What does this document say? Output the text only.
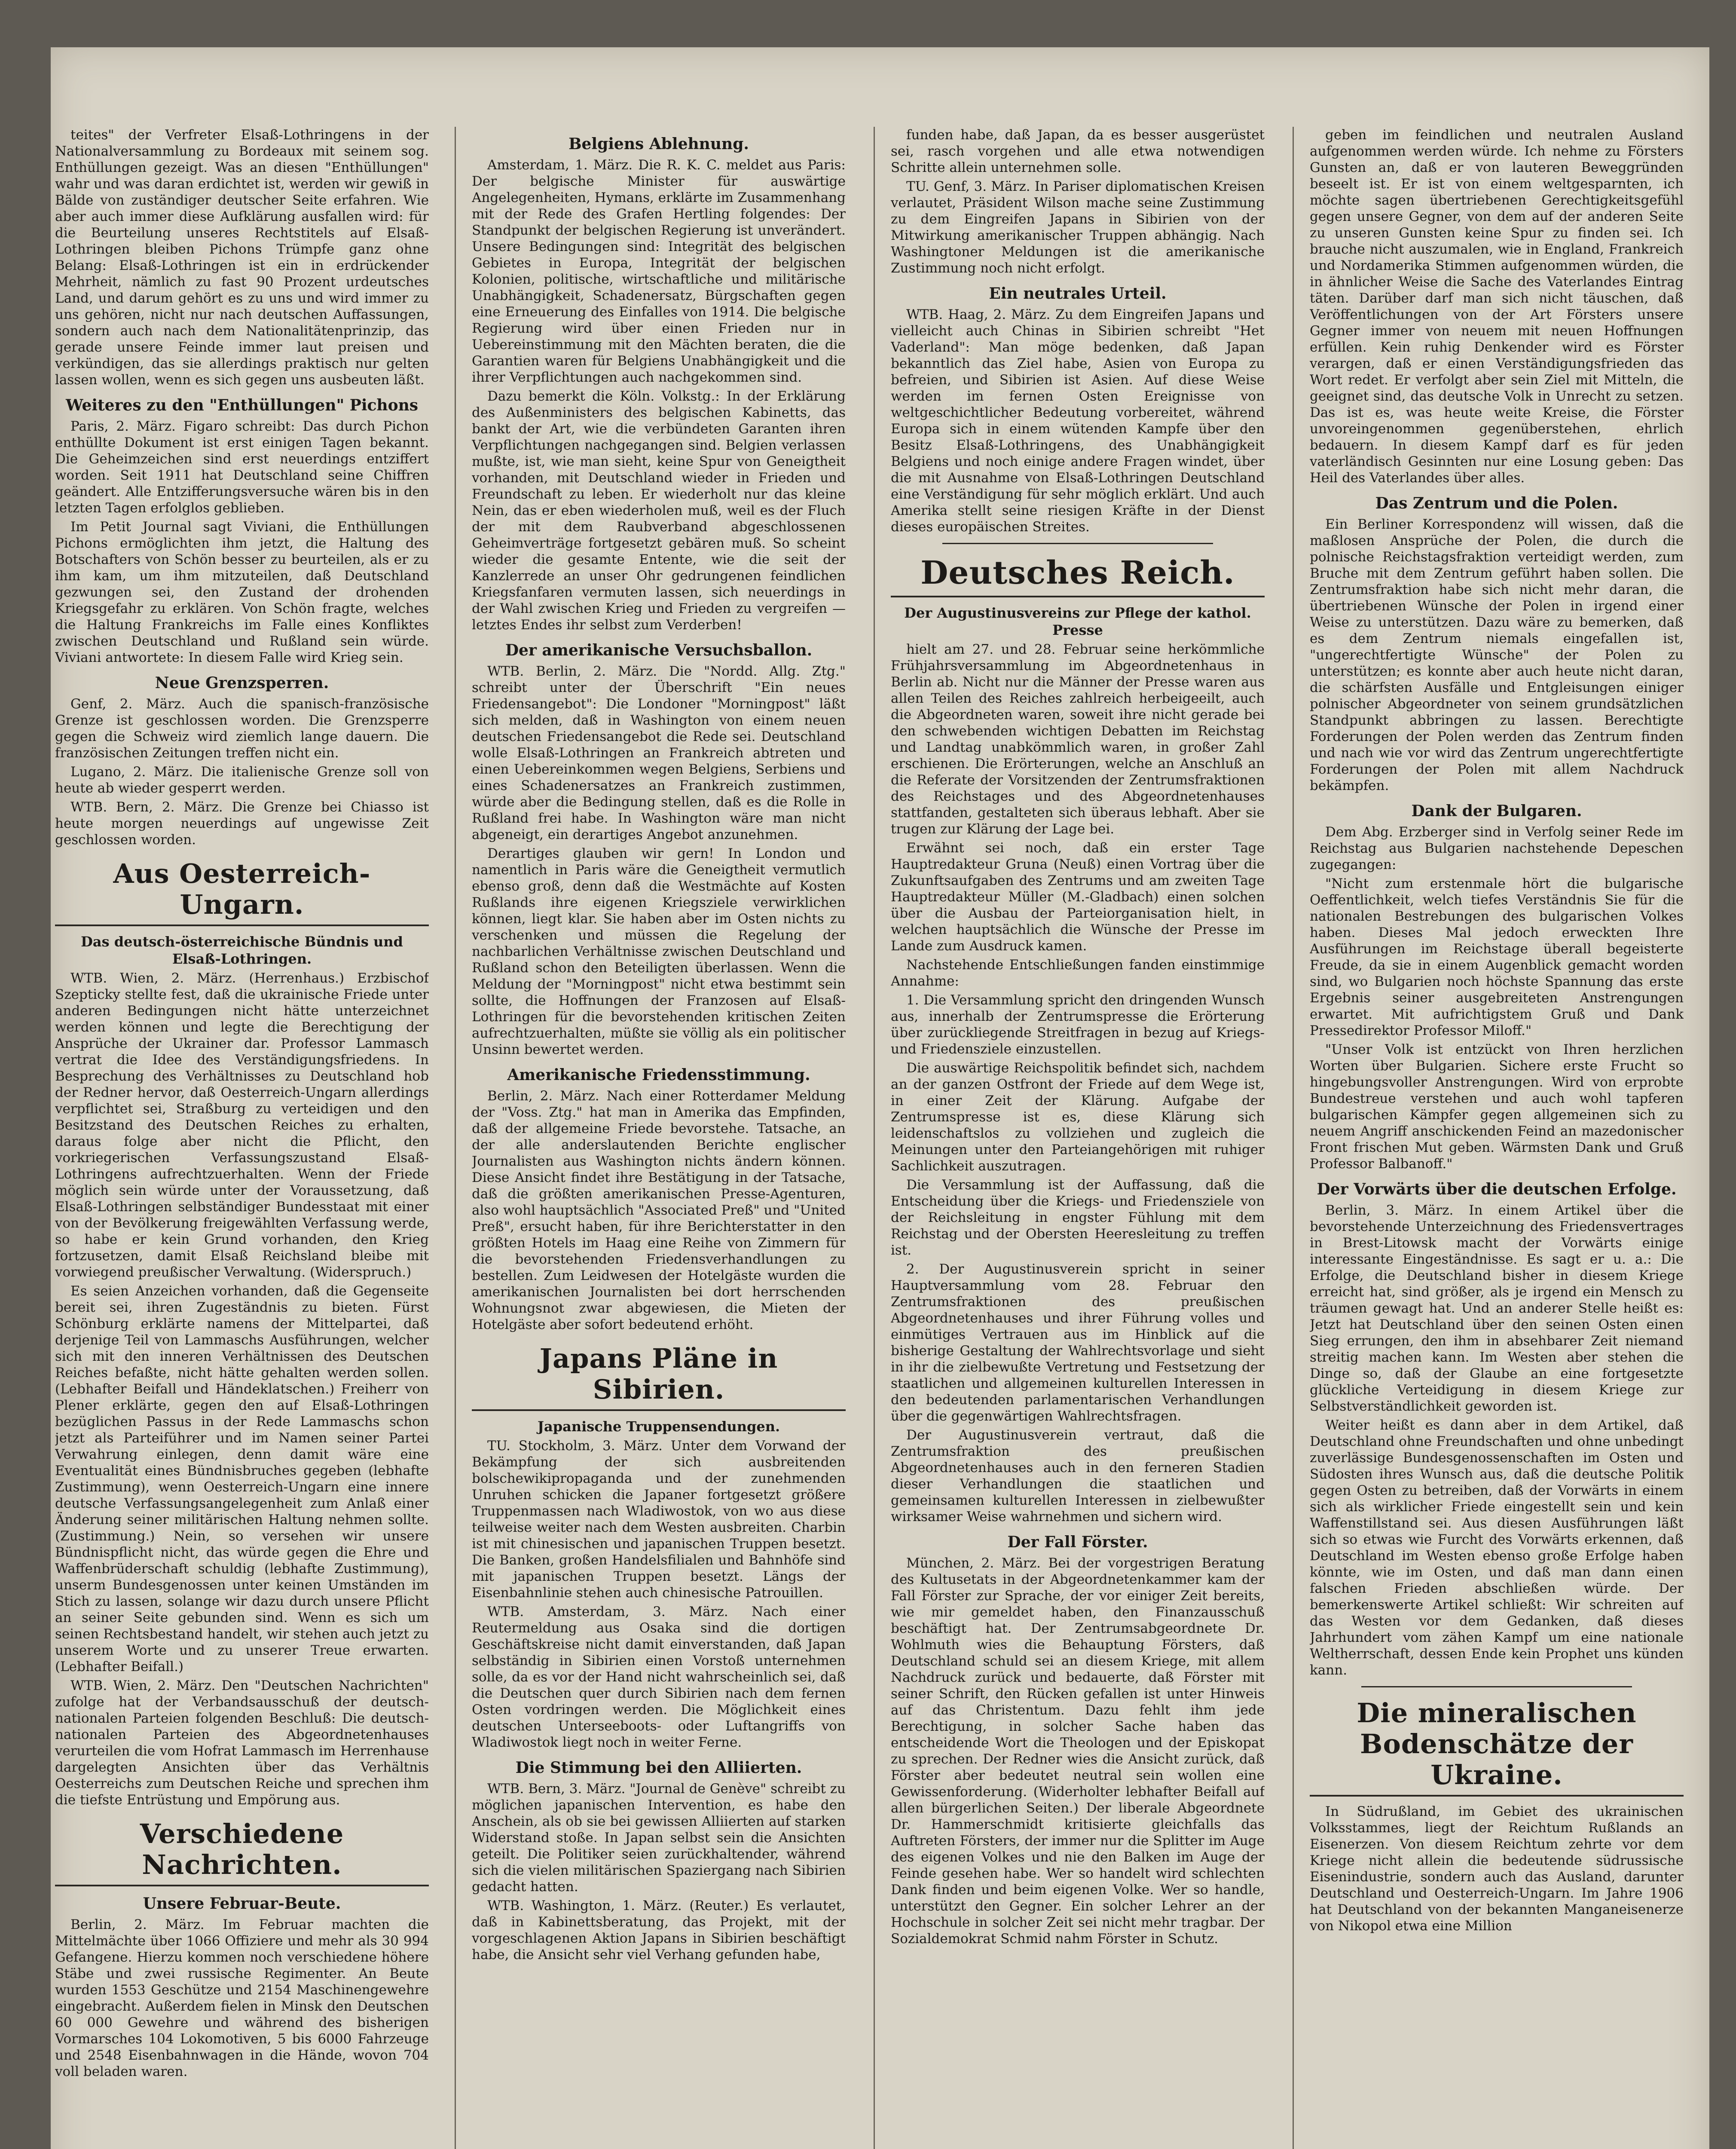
teites" der Verfreter Elsaß-Lothringens in der Nationalversammlung zu Bordeaux mit seinem sog. Enthüllungen gezeigt. Was an diesen "Enthüllungen" wahr und was daran erdichtet ist, werden wir gewiß in Bälde von zuständiger deutscher Seite erfahren. Wie aber auch immer diese Aufklärung ausfallen wird: für die Beurteilung unseres Rechtstitels auf Elsaß-Lothringen bleiben Pichons Trümpfe ganz ohne Belang: Elsaß-Lothringen ist ein in erdrückender Mehrheit, nämlich zu fast 90 Prozent urdeutsches Land, und darum gehört es zu uns und wird immer zu uns gehören, nicht nur nach deutschen Auffassungen, sondern auch nach dem Nationalitätenprinzip, das gerade unsere Feinde immer laut preisen und verkündigen, das sie allerdings praktisch nur gelten lassen wollen, wenn es sich gegen uns ausbeuten läßt.

Weiteres zu den "Enthüllungen" Pichons

Paris, 2. März. Figaro schreibt: Das durch Pichon enthüllte Dokument ist erst einigen Tagen bekannt. Die Geheimzeichen sind erst neuerdings entziffert worden. Seit 1911 hat Deutschland seine Chiffren geändert. Alle Entzifferungsversuche wären bis in den letzten Tagen erfolglos geblieben.

Im Petit Journal sagt Viviani, die Enthüllungen Pichons ermöglichten ihm jetzt, die Haltung des Botschafters von Schön besser zu beurteilen, als er zu ihm kam, um ihm mitzuteilen, daß Deutschland gezwungen sei, den Zustand der drohenden Kriegsgefahr zu erklären. Von Schön fragte, welches die Haltung Frankreichs im Falle eines Konfliktes zwischen Deutschland und Rußland sein würde. Viviani antwortete: In diesem Falle wird Krieg sein.

Neue Grenzsperren.

Genf, 2. März. Auch die spanisch-französische Grenze ist geschlossen worden. Die Grenzsperre gegen die Schweiz wird ziemlich lange dauern. Die französischen Zeitungen treffen nicht ein.

Lugano, 2. März. Die italienische Grenze soll von heute ab wieder gesperrt werden.

WTB. Bern, 2. März. Die Grenze bei Chiasso ist heute morgen neuerdings auf ungewisse Zeit geschlossen worden.

Aus Oesterreich-Ungarn.
Das deutsch-österreichische Bündnis und Elsaß-Lothringen.

WTB. Wien, 2. März. (Herrenhaus.) Erzbischof Szepticky stellte fest, daß die ukrainische Friede unter anderen Bedingungen nicht hätte unterzeichnet werden können und legte die Berechtigung der Ansprüche der Ukrainer dar. Professor Lammasch vertrat die Idee des Verständigungsfriedens. In Besprechung des Verhältnisses zu Deutschland hob der Redner hervor, daß Oesterreich-Ungarn allerdings verpflichtet sei, Straßburg zu verteidigen und den Besitzstand des Deutschen Reiches zu erhalten, daraus folge aber nicht die Pflicht, den vorkriegerischen Verfassungszustand Elsaß-Lothringens aufrechtzuerhalten. Wenn der Friede möglich sein würde unter der Voraussetzung, daß Elsaß-Lothringen selbständiger Bundesstaat mit einer von der Bevölkerung freigewählten Verfassung werde, so habe er kein Grund vorhanden, den Krieg fortzusetzen, damit Elsaß Reichsland bleibe mit vorwiegend preußischer Verwaltung. (Widerspruch.)

Es seien Anzeichen vorhanden, daß die Gegenseite bereit sei, ihren Zugeständnis zu bieten. Fürst Schönburg erklärte namens der Mittelpartei, daß derjenige Teil von Lammaschs Ausführungen, welcher sich mit den inneren Verhältnissen des Deutschen Reiches befaßte, nicht hätte gehalten werden sollen. (Lebhafter Beifall und Händeklatschen.) Freiherr von Plener erklärte, gegen den auf Elsaß-Lothringen bezüglichen Passus in der Rede Lammaschs schon jetzt als Parteiführer und im Namen seiner Partei Verwahrung einlegen, denn damit wäre eine Eventualität eines Bündnisbruches gegeben (lebhafte Zustimmung), wenn Oesterreich-Ungarn eine innere deutsche Verfassungsangelegenheit zum Anlaß einer Änderung seiner militärischen Haltung nehmen sollte. (Zustimmung.) Nein, so versehen wir unsere Bündnispflicht nicht, das würde gegen die Ehre und Waffenbrüderschaft schuldig (lebhafte Zustimmung), unserm Bundesgenossen unter keinen Umständen im Stich zu lassen, solange wir dazu durch unsere Pflicht an seiner Seite gebunden sind. Wenn es sich um seinen Rechtsbestand handelt, wir stehen auch jetzt zu unserem Worte und zu unserer Treue erwarten. (Lebhafter Beifall.)

WTB. Wien, 2. März. Den "Deutschen Nachrichten" zufolge hat der Verbandsausschuß der deutsch-nationalen Parteien folgenden Beschluß: Die deutsch-nationalen Parteien des Abgeordnetenhauses verurteilen die vom Hofrat Lammasch im Herrenhause dargelegten Ansichten über das Verhältnis Oesterreichs zum Deutschen Reiche und sprechen ihm die tiefste Entrüstung und Empörung aus.

Verschiedene Nachrichten.
Unsere Februar-Beute.

Berlin, 2. März. Im Februar machten die Mittelmächte über 1066 Offiziere und mehr als 30 994 Gefangene. Hierzu kommen noch verschiedene höhere Stäbe und zwei russische Regimenter. An Beute wurden 1553 Geschütze und 2154 Maschinengewehre eingebracht. Außerdem fielen in Minsk den Deutschen 60 000 Gewehre und während des bisherigen Vormarsches 104 Lokomotiven, 5 bis 6000 Fahrzeuge und 2548 Eisenbahnwagen in die Hände, wovon 704 voll beladen waren.

Belgiens Ablehnung.

Amsterdam, 1. März. Die R. K. C. meldet aus Paris: Der belgische Minister für auswärtige Angelegenheiten, Hymans, erklärte im Zusammenhang mit der Rede des Grafen Hertling folgendes: Der Standpunkt der belgischen Regierung ist unverändert. Unsere Bedingungen sind: Integrität des belgischen Gebietes in Europa, Integrität der belgischen Kolonien, politische, wirtschaftliche und militärische Unabhängigkeit, Schadenersatz, Bürgschaften gegen eine Erneuerung des Einfalles von 1914. Die belgische Regierung wird über einen Frieden nur in Uebereinstimmung mit den Mächten beraten, die die Garantien waren für Belgiens Unabhängigkeit und die ihrer Verpflichtungen auch nachgekommen sind.

Dazu bemerkt die Köln. Volkstg.: In der Erklärung des Außenministers des belgischen Kabinetts, das bankt der Art, wie die verbündeten Garanten ihren Verpflichtungen nachgegangen sind. Belgien verlassen mußte, ist, wie man sieht, keine Spur von Geneigtheit vorhanden, mit Deutschland wieder in Frieden und Freundschaft zu leben. Er wiederholt nur das kleine Nein, das er eben wiederholen muß, weil es der Fluch der mit dem Raubverband abgeschlossenen Geheimverträge fortgesetzt gebären muß. So scheint wieder die gesamte Entente, wie die seit der Kanzlerrede an unser Ohr gedrungenen feindlichen Kriegsfanfaren vermuten lassen, sich neuerdings in der Wahl zwischen Krieg und Frieden zu vergreifen — letztes Endes ihr selbst zum Verderben!

Der amerikanische Versuchsballon.

WTB. Berlin, 2. März. Die "Nordd. Allg. Ztg." schreibt unter der Überschrift "Ein neues Friedensangebot": Die Londoner "Morningpost" läßt sich melden, daß in Washington von einem neuen deutschen Friedensangebot die Rede sei. Deutschland wolle Elsaß-Lothringen an Frankreich abtreten und einen Uebereinkommen wegen Belgiens, Serbiens und eines Schadenersatzes an Frankreich zustimmen, würde aber die Bedingung stellen, daß es die Rolle in Rußland frei habe. In Washington wäre man nicht abgeneigt, ein derartiges Angebot anzunehmen.

Derartiges glauben wir gern! In London und namentlich in Paris wäre die Geneigtheit vermutlich ebenso groß, denn daß die Westmächte auf Kosten Rußlands ihre eigenen Kriegsziele verwirklichen können, liegt klar. Sie haben aber im Osten nichts zu verschenken und müssen die Regelung der nachbarlichen Verhältnisse zwischen Deutschland und Rußland schon den Beteiligten überlassen. Wenn die Meldung der "Morningpost" nicht etwa bestimmt sein sollte, die Hoffnungen der Franzosen auf Elsaß-Lothringen für die bevorstehenden kritischen Zeiten aufrechtzuerhalten, müßte sie völlig als ein politischer Unsinn bewertet werden.

Amerikanische Friedensstimmung.

Berlin, 2. März. Nach einer Rotterdamer Meldung der "Voss. Ztg." hat man in Amerika das Empfinden, daß der allgemeine Friede bevorstehe. Tatsache, an der alle anderslautenden Berichte englischer Journalisten aus Washington nichts ändern können. Diese Ansicht findet ihre Bestätigung in der Tatsache, daß die größten amerikanischen Presse-Agenturen, also wohl hauptsächlich "Associated Preß" und "United Preß", ersucht haben, für ihre Berichterstatter in den größten Hotels im Haag eine Reihe von Zimmern für die bevorstehenden Friedensverhandlungen zu bestellen. Zum Leidwesen der Hotelgäste wurden die amerikanischen Journalisten bei dort herrschenden Wohnungsnot zwar abgewiesen, die Mieten der Hotelgäste aber sofort bedeutend erhöht.

Japans Pläne in Sibirien.
Japanische Truppensendungen.

TU. Stockholm, 3. März. Unter dem Vorwand der Bekämpfung der sich ausbreitenden bolschewikipropaganda und der zunehmenden Unruhen schicken die Japaner fortgesetzt größere Truppenmassen nach Wladiwostok, von wo aus diese teilweise weiter nach dem Westen ausbreiten. Charbin ist mit chinesischen und japanischen Truppen besetzt. Die Banken, großen Handelsfilialen und Bahnhöfe sind mit japanischen Truppen besetzt. Längs der Eisenbahnlinie stehen auch chinesische Patrouillen.

WTB. Amsterdam, 3. März. Nach einer Reutermeldung aus Osaka sind die dortigen Geschäftskreise nicht damit einverstanden, daß Japan selbständig in Sibirien einen Vorstoß unternehmen solle, da es vor der Hand nicht wahrscheinlich sei, daß die Deutschen quer durch Sibirien nach dem fernen Osten vordringen werden. Die Möglichkeit eines deutschen Unterseeboots- oder Luftangriffs von Wladiwostok liegt noch in weiter Ferne.

Die Stimmung bei den Alliierten.

WTB. Bern, 3. März. "Journal de Genève" schreibt zu möglichen japanischen Intervention, es habe den Anschein, als ob sie bei gewissen Alliierten auf starken Widerstand stoße. In Japan selbst sein die Ansichten geteilt. Die Politiker seien zurückhaltender, während sich die vielen militärischen Spaziergang nach Sibirien gedacht hatten.

WTB. Washington, 1. März. (Reuter.) Es verlautet, daß in Kabinettsberatung, das Projekt, mit der vorgeschlagenen Aktion Japans in Sibirien beschäftigt habe, die Ansicht sehr viel Verhang gefunden habe,

funden habe, daß Japan, da es besser ausgerüstet sei, rasch vorgehen und alle etwa notwendigen Schritte allein unternehmen solle.

TU. Genf, 3. März. In Pariser diplomatischen Kreisen verlautet, Präsident Wilson mache seine Zustimmung zu dem Eingreifen Japans in Sibirien von der Mitwirkung amerikanischer Truppen abhängig. Nach Washingtoner Meldungen ist die amerikanische Zustimmung noch nicht erfolgt.

Ein neutrales Urteil.

WTB. Haag, 2. März. Zu dem Eingreifen Japans und vielleicht auch Chinas in Sibirien schreibt "Het Vaderland": Man möge bedenken, daß Japan bekanntlich das Ziel habe, Asien von Europa zu befreien, und Sibirien ist Asien. Auf diese Weise werden im fernen Osten Ereignisse von weltgeschichtlicher Bedeutung vorbereitet, während Europa sich in einem wütenden Kampfe über den Besitz Elsaß-Lothringens, des Unabhängigkeit Belgiens und noch einige andere Fragen windet, über die mit Ausnahme von Elsaß-Lothringen Deutschland eine Verständigung für sehr möglich erklärt. Und auch Amerika stellt seine riesigen Kräfte in der Dienst dieses europäischen Streites.

Deutsches Reich.
Der Augustinusvereins zur Pflege der kathol. Presse

hielt am 27. und 28. Februar seine herkömmliche Frühjahrsversammlung im Abgeordnetenhaus in Berlin ab. Nicht nur die Männer der Presse waren aus allen Teilen des Reiches zahlreich herbeigeeilt, auch die Abgeordneten waren, soweit ihre nicht gerade bei den schwebenden wichtigen Debatten im Reichstag und Landtag unabkömmlich waren, in großer Zahl erschienen. Die Erörterungen, welche an Anschluß an die Referate der Vorsitzenden der Zentrumsfraktionen des Reichstages und des Abgeordnetenhauses stattfanden, gestalteten sich überaus lebhaft. Aber sie trugen zur Klärung der Lage bei.

Erwähnt sei noch, daß ein erster Tage Hauptredakteur Gruna (Neuß) einen Vortrag über die Zukunftsaufgaben des Zentrums und am zweiten Tage Hauptredakteur Müller (M.-Gladbach) einen solchen über die Ausbau der Parteiorganisation hielt, in welchen hauptsächlich die Wünsche der Presse im Lande zum Ausdruck kamen.

Nachstehende Entschließungen fanden einstimmige Annahme:

1. Die Versammlung spricht den dringenden Wunsch aus, innerhalb der Zentrumspresse die Erörterung über zurückliegende Streitfragen in bezug auf Kriegs- und Friedensziele einzustellen.

Die auswärtige Reichspolitik befindet sich, nachdem an der ganzen Ostfront der Friede auf dem Wege ist, in einer Zeit der Klärung. Aufgabe der Zentrumspresse ist es, diese Klärung sich leidenschaftslos zu vollziehen und zugleich die Meinungen unter den Parteiangehörigen mit ruhiger Sachlichkeit auszutragen.

Die Versammlung ist der Auffassung, daß die Entscheidung über die Kriegs- und Friedensziele von der Reichsleitung in engster Fühlung mit dem Reichstag und der Obersten Heeresleitung zu treffen ist.

2. Der Augustinusverein spricht in seiner Hauptversammlung vom 28. Februar den Zentrumsfraktionen des preußischen Abgeordnetenhauses und ihrer Führung volles und einmütiges Vertrauen aus im Hinblick auf die bisherige Gestaltung der Wahlrechtsvorlage und sieht in ihr die zielbewußte Vertretung und Festsetzung der staatlichen und allgemeinen kulturellen Interessen in den bedeutenden parlamentarischen Verhandlungen über die gegenwärtigen Wahlrechtsfragen.

Der Augustinusverein vertraut, daß die Zentrumsfraktion des preußischen Abgeordnetenhauses auch in den ferneren Stadien dieser Verhandlungen die staatlichen und gemeinsamen kulturellen Interessen in zielbewußter wirksamer Weise wahrnehmen und sichern wird.

Der Fall Förster.

München, 2. März. Bei der vorgestrigen Beratung des Kultusetats in der Abgeordnetenkammer kam der Fall Förster zur Sprache, der vor einiger Zeit bereits, wie mir gemeldet haben, den Finanzausschuß beschäftigt hat. Der Zentrumsabgeordnete Dr. Wohlmuth wies die Behauptung Försters, daß Deutschland schuld sei an diesem Kriege, mit allem Nachdruck zurück und bedauerte, daß Förster mit seiner Schrift, den Rücken gefallen ist unter Hinweis auf das Christentum. Dazu fehlt ihm jede Berechtigung, in solcher Sache haben das entscheidende Wort die Theologen und der Episkopat zu sprechen. Der Redner wies die Ansicht zurück, daß Förster aber bedeutet neutral sein wollen eine Gewissenforderung. (Widerholter lebhafter Beifall auf allen bürgerlichen Seiten.) Der liberale Abgeordnete Dr. Hammerschmidt kritisierte gleichfalls das Auftreten Försters, der immer nur die Splitter im Auge des eigenen Volkes und nie den Balken im Auge der Feinde gesehen habe. Wer so handelt wird schlechten Dank finden und beim eigenen Volke. Wer so handle, unterstützt den Gegner. Ein solcher Lehrer an der Hochschule in solcher Zeit sei nicht mehr tragbar. Der Sozialdemokrat Schmid nahm Förster in Schutz.

geben im feindlichen und neutralen Ausland aufgenommen werden würde. Ich nehme zu Försters Gunsten an, daß er von lauteren Beweggründen beseelt ist. Er ist von einem weltgesparnten, ich möchte sagen übertriebenen Gerechtigkeitsgefühl gegen unsere Gegner, von dem auf der anderen Seite zu unseren Gunsten keine Spur zu finden sei. Ich brauche nicht auszumalen, wie in England, Frankreich und Nordamerika Stimmen aufgenommen würden, die in ähnlicher Weise die Sache des Vaterlandes Eintrag täten. Darüber darf man sich nicht täuschen, daß Veröffentlichungen von der Art Försters unsere Gegner immer von neuem mit neuen Hoffnungen erfüllen. Kein ruhig Denkender wird es Förster verargen, daß er einen Verständigungsfrieden das Wort redet. Er verfolgt aber sein Ziel mit Mitteln, die geeignet sind, das deutsche Volk in Unrecht zu setzen. Das ist es, was heute weite Kreise, die Förster unvoreingenommen gegenüberstehen, ehrlich bedauern. In diesem Kampf darf es für jeden vaterländisch Gesinnten nur eine Losung geben: Das Heil des Vaterlandes über alles.

Das Zentrum und die Polen.

Ein Berliner Korrespondenz will wissen, daß die maßlosen Ansprüche der Polen, die durch die polnische Reichstagsfraktion verteidigt werden, zum Bruche mit dem Zentrum geführt haben sollen. Die Zentrumsfraktion habe sich nicht mehr daran, die übertriebenen Wünsche der Polen in irgend einer Weise zu unterstützen. Dazu wäre zu bemerken, daß es dem Zentrum niemals eingefallen ist, "ungerechtfertigte Wünsche" der Polen zu unterstützen; es konnte aber auch heute nicht daran, die schärfsten Ausfälle und Entgleisungen einiger polnischer Abgeordneter von seinem grundsätzlichen Standpunkt abbringen zu lassen. Berechtigte Forderungen der Polen werden das Zentrum finden und nach wie vor wird das Zentrum ungerechtfertigte Forderungen der Polen mit allem Nachdruck bekämpfen.

Dank der Bulgaren.

Dem Abg. Erzberger sind in Verfolg seiner Rede im Reichstag aus Bulgarien nachstehende Depeschen zugegangen:

"Nicht zum erstenmale hört die bulgarische Oeffentlichkeit, welch tiefes Verständnis Sie für die nationalen Bestrebungen des bulgarischen Volkes haben. Dieses Mal jedoch erweckten Ihre Ausführungen im Reichstage überall begeisterte Freude, da sie in einem Augenblick gemacht worden sind, wo Bulgarien noch höchste Spannung das erste Ergebnis seiner ausgebreiteten Anstrengungen erwartet. Mit aufrichtigstem Gruß und Dank Pressedirektor Professor Miloff."

"Unser Volk ist entzückt von Ihren herzlichen Worten über Bulgarien. Sichere erste Frucht so hingebungsvoller Anstrengungen. Wird von erprobte Bundestreue verstehen und auch wohl tapferen bulgarischen Kämpfer gegen allgemeinen sich zu neuem Angriff anschickenden Feind an mazedonischer Front frischen Mut geben. Wärmsten Dank und Gruß Professor Balbanoff."

Der Vorwärts über die deutschen Erfolge.

Berlin, 3. März. In einem Artikel über die bevorstehende Unterzeichnung des Friedensvertrages in Brest-Litowsk macht der Vorwärts einige interessante Eingeständnisse. Es sagt er u. a.: Die Erfolge, die Deutschland bisher in diesem Kriege erreicht hat, sind größer, als je irgend ein Mensch zu träumen gewagt hat. Und an anderer Stelle heißt es: Jetzt hat Deutschland über den seinen Osten einen Sieg errungen, den ihm in absehbarer Zeit niemand streitig machen kann. Im Westen aber stehen die Dinge so, daß der Glaube an eine fortgesetzte glückliche Verteidigung in diesem Kriege zur Selbstverständlichkeit geworden ist.

Weiter heißt es dann aber in dem Artikel, daß Deutschland ohne Freundschaften und ohne unbedingt zuverlässige Bundesgenossenschaften im Osten und Südosten ihres Wunsch aus, daß die deutsche Politik gegen Osten zu betreiben, daß der Vorwärts in einem sich als wirklicher Friede eingestellt sein und kein Waffenstillstand sei. Aus diesen Ausführungen läßt sich so etwas wie Furcht des Vorwärts erkennen, daß Deutschland im Westen ebenso große Erfolge haben könnte, wie im Osten, und daß man dann einen falschen Frieden abschließen würde. Der bemerkenswerte Artikel schließt: Wir schreiten auf das Westen vor dem Gedanken, daß dieses Jahrhundert vom zähen Kampf um eine nationale Weltherrschaft, dessen Ende kein Prophet uns künden kann.

Die mineralischen Bodenschätze der Ukraine.

In Südrußland, im Gebiet des ukrainischen Volksstammes, liegt der Reichtum Rußlands an Eisenerzen. Von diesem Reichtum zehrte vor dem Kriege nicht allein die bedeutende südrussische Eisenindustrie, sondern auch das Ausland, darunter Deutschland und Oesterreich-Ungarn. Im Jahre 1906 hat Deutschland von der bekannten Manganeisenerze von Nikopol etwa eine Million
